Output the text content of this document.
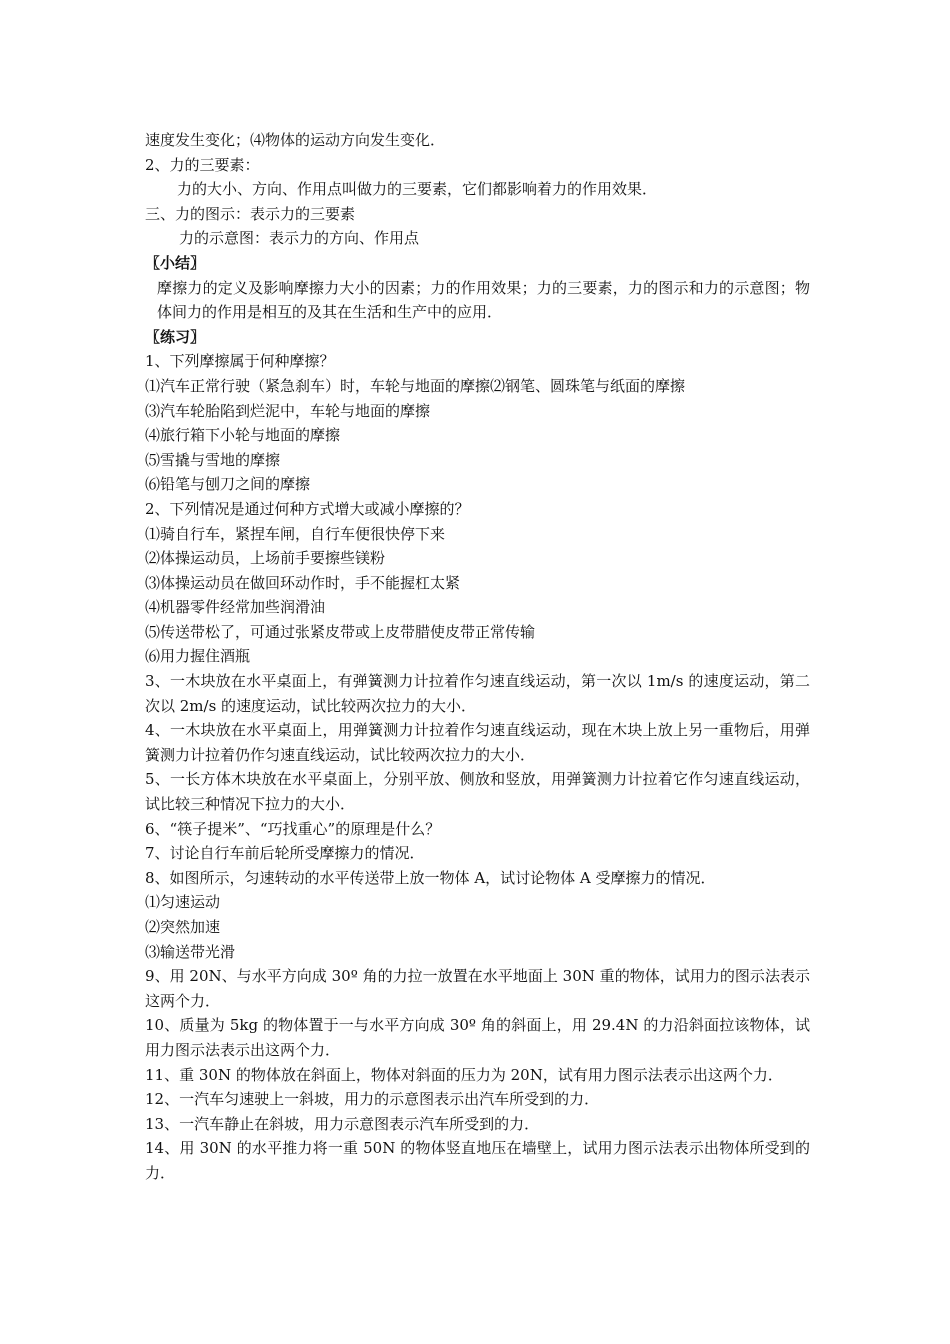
速度发生变化；⑷物体的运动方向发生变化．

2、力的三要素：

力的大小、方向、作用点叫做力的三要素，它们都影响着力的作用效果．

三、力的图示：表示力的三要素

力的示意图：表示力的方向、作用点

〖小结〗

摩擦力的定义及影响摩擦力大小的因素；力的作用效果；力的三要素，力的图示和力的示意图；物体间力的作用是相互的及其在生活和生产中的应用．

〖练习〗

1、下列摩擦属于何种摩擦？

⑴汽车正常行驶（紧急刹车）时，车轮与地面的摩擦⑵钢笔、圆珠笔与纸面的摩擦

⑶汽车轮胎陷到烂泥中，车轮与地面的摩擦

⑷旅行箱下小轮与地面的摩擦

⑸雪撬与雪地的摩擦

⑹铅笔与刨刀之间的摩擦

2、下列情况是通过何种方式增大或减小摩擦的？

⑴骑自行车，紧捏车闸，自行车便很快停下来

⑵体操运动员，上场前手要擦些镁粉

⑶体操运动员在做回环动作时，手不能握杠太紧

⑷机器零件经常加些润滑油

⑸传送带松了，可通过张紧皮带或上皮带腊使皮带正常传输

⑹用力握住酒瓶

3、一木块放在水平桌面上，有弹簧测力计拉着作匀速直线运动，第一次以 1m/s 的速度运动，第二次以 2m/s 的速度运动，试比较两次拉力的大小．

4、一木块放在水平桌面上，用弹簧测力计拉着作匀速直线运动，现在木块上放上另一重物后，用弹簧测力计拉着仍作匀速直线运动，试比较两次拉力的大小．

5、一长方体木块放在水平桌面上，分别平放、侧放和竖放，用弹簧测力计拉着它作匀速直线运动，试比较三种情况下拉力的大小．

6、“筷子提米”、“巧找重心”的原理是什么？

7、讨论自行车前后轮所受摩擦力的情况．

8、如图所示，匀速转动的水平传送带上放一物体 A，试讨论物体 A 受摩擦力的情况．

⑴匀速运动

⑵突然加速

⑶输送带光滑

9、用 20N、与水平方向成 30º 角的力拉一放置在水平地面上 30N 重的物体，试用力的图示法表示这两个力．

10、质量为 5kg 的物体置于一与水平方向成 30º 角的斜面上，用 29.4N 的力沿斜面拉该物体，试用力图示法表示出这两个力．

11、重 30N 的物体放在斜面上，物体对斜面的压力为 20N，试有用力图示法表示出这两个力．

12、一汽车匀速驶上一斜坡，用力的示意图表示出汽车所受到的力．

13、一汽车静止在斜坡，用力示意图表示汽车所受到的力．

14、用 30N 的水平推力将一重 50N 的物体竖直地压在墙壁上，试用力图示法表示出物体所受到的力．
